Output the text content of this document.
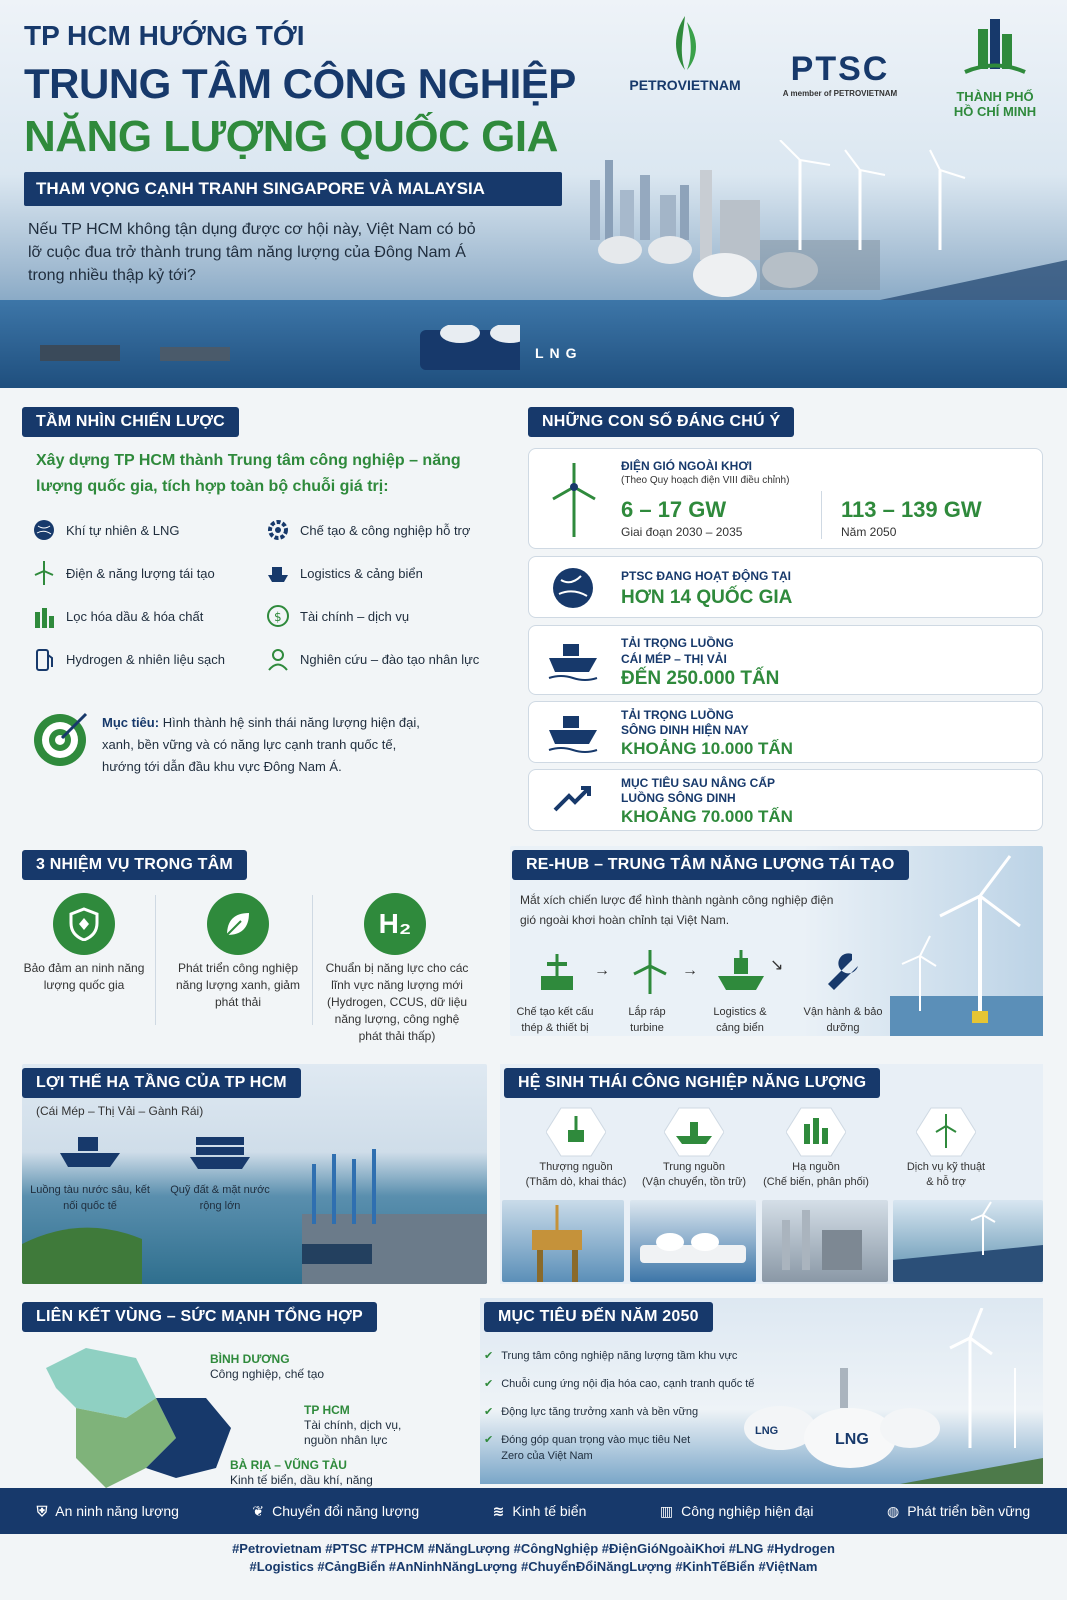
LNG
TP HCM HƯỚNG TỚI
TRUNG TÂM CÔNG NGHIỆP
NĂNG LƯỢNG QUỐC GIA
THAM VỌNG CẠNH TRANH SINGAPORE VÀ MALAYSIA
Nếu TP HCM không tận dụng được cơ hội này, Việt Nam có bỏ lỡ cuộc đua trở thành trung tâm năng lượng của Đông Nam Á trong nhiều thập kỷ tới?
PETROVIETNAM	PTSC
A member of PETROVIETNAM	THÀNH PHỐ
HỒ CHÍ MINH
TẦM NHÌN CHIẾN LƯỢC
Xây dựng TP HCM thành Trung tâm công nghiệp – năng lượng quốc gia, tích hợp toàn bộ chuỗi giá trị:
Khí tự nhiên & LNG	Chế tạo & công nghiệp hỗ trợ
Điện & năng lượng tái tạo	Logistics & cảng biển
Lọc hóa dầu & hóa chất	$ Tài chính – dịch vụ
Hydrogen & nhiên liệu sạch	Nghiên cứu – đào tạo nhân lực
Mục tiêu: Hình thành hệ sinh thái năng lượng hiện đại, xanh, bền vững và có năng lực cạnh tranh quốc tế, hướng tới dẫn đầu khu vực Đông Nam Á.
NHỮNG CON SỐ ĐÁNG CHÚ Ý
ĐIỆN GIÓ NGOÀI KHƠI
(Theo Quy hoạch điện VIII điều chỉnh)
6 – 17 GW
Giai đoạn 2030 – 2035
113 – 139 GW
Năm 2050
PTSC ĐANG HOẠT ĐỘNG TẠI
HƠN 14 QUỐC GIA
TẢI TRỌNG LUỒNG
CÁI MÉP – THỊ VẢI
ĐẾN 250.000 TẤN
TẢI TRỌNG LUỒNG
SÔNG DINH HIỆN NAY
KHOẢNG 10.000 TẤN
MỤC TIÊU SAU NÂNG CẤP
LUỒNG SÔNG DINH
KHOẢNG 70.000 TẤN
3 NHIỆM VỤ TRỌNG TÂM
Bảo đảm an ninh năng lượng quốc gia
Phát triển công nghiệp năng lượng xanh, giảm phát thải
H₂
Chuẩn bị năng lực cho các lĩnh vực năng lượng mới (Hydrogen, CCUS, dữ liệu năng lượng, công nghệ phát thải thấp)
RE-HUB – TRUNG TÂM NĂNG LƯỢNG TÁI TẠO
Mắt xích chiến lược để hình thành ngành công nghiệp điện gió ngoài khơi hoàn chỉnh tại Việt Nam.
→	→	↘
Chế tạo kết cấu thép & thiết bị
Lắp ráp turbine
Logistics & cảng biển
Vận hành & bảo dưỡng
LỢI THẾ HẠ TẦNG CỦA TP HCM
(Cái Mép – Thị Vải – Gành Rái)
Luồng tàu nước sâu, kết nối quốc tế
Quỹ đất & mặt nước rộng lớn
HỆ SINH THÁI CÔNG NGHIỆP NĂNG LƯỢNG
Thượng nguồn
(Thăm dò, khai thác)
Trung nguồn
(Vận chuyển, tồn trữ)
Hạ nguồn
(Chế biến, phân phối)
Dịch vụ kỹ thuật
& hỗ trợ
LIÊN KẾT VÙNG – SỨC MẠNH TỔNG HỢP
BÌNH DƯƠNG
Công nghiệp, chế tạo
TP HCM
Tài chính, dịch vụ, nguồn nhân lực
BÀ RỊA – VŨNG TÀU
Kinh tế biển, dầu khí, năng
LNG	LNG
MỤC TIÊU ĐẾN NĂM 2050
✔ Trung tâm công nghiệp năng lượng tầm khu vực
✔ Chuỗi cung ứng nội địa hóa cao, cạnh tranh quốc tế
✔ Động lực tăng trưởng xanh và bền vững
✔ Đóng góp quan trọng vào mục tiêu Net Zero của Việt Nam
⛨ An ninh năng lượng	❦ Chuyển đổi năng lượng	≋ Kinh tế biển	▥ Công nghiệp hiện đại	◍ Phát triển bền vững
#Petrovietnam #PTSC #TPHCM #NăngLượng #CôngNghiệp #ĐiệnGióNgoàiKhơi #LNG #Hydrogen
#Logistics #CảngBiển #AnNinhNăngLượng #ChuyểnĐổiNăngLượng #KinhTếBiển #ViệtNam
